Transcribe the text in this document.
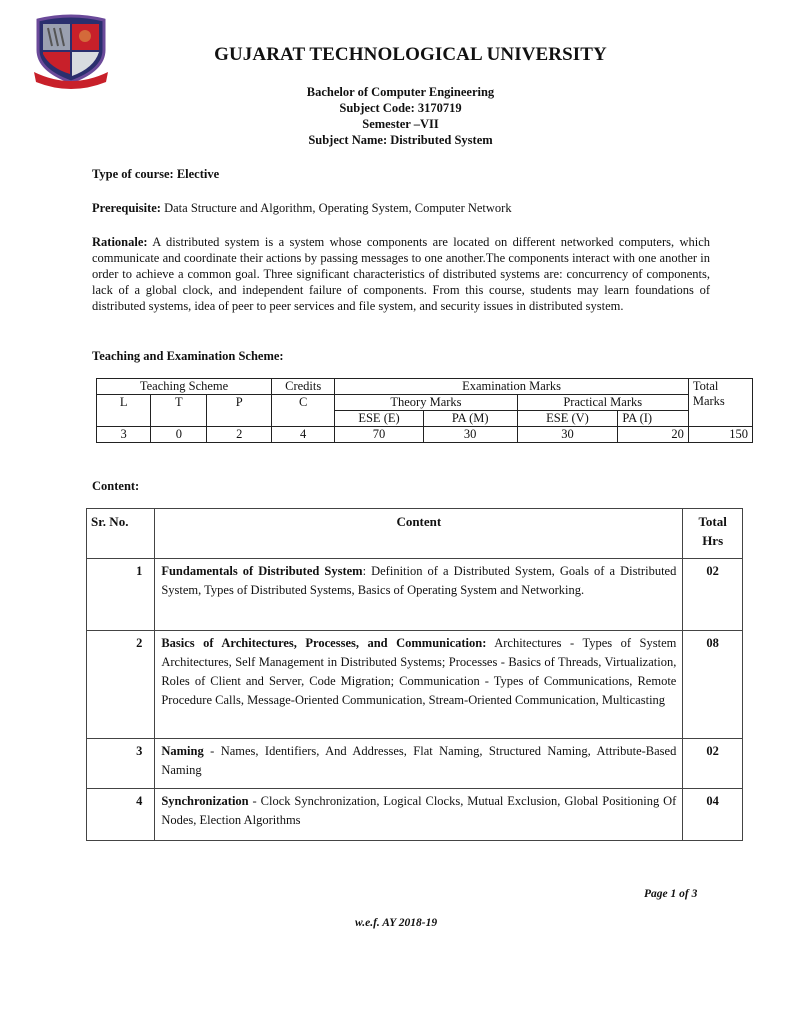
GUJARAT TECHNOLOGICAL UNIVERSITY
Bachelor of Computer Engineering
Subject Code: 3170719
Semester –VII
Subject Name: Distributed System
Type of course: Elective
Prerequisite: Data Structure and Algorithm, Operating System, Computer Network
Rationale: A distributed system is a system whose components are located on different networked computers, which communicate and coordinate their actions by passing messages to one another.The components interact with one another in order to achieve a common goal. Three significant characteristics of distributed systems are: concurrency of components, lack of a global clock, and independent failure of components. From this course, students may learn foundations of distributed systems, idea of peer to peer services and file system, and security issues in distributed system.
Teaching and Examination Scheme:
Teaching Scheme			Credits	Examination Marks				Total
Marks

L	T	P	C	Theory Marks		Practical Marks		
				ESE (E)	PA (M)	ESE (V)	PA (I)	
3	0	2	4	70	30	30	20	150
Content:
Sr. No.	Content	Total
Hrs

1	Fundamentals of Distributed System: Definition of a Distributed System, Goals of a Distributed System, Types of Distributed Systems, Basics of Operating System and Networking.	02
2	Basics of Architectures, Processes, and Communication: Architectures - Types of System Architectures, Self Management in Distributed Systems; Processes - Basics of Threads, Virtualization, Roles of Client and Server, Code Migration; Communication - Types of Communications, Remote Procedure Calls, Message-Oriented Communication, Stream-Oriented Communication, Multicasting	08
3	Naming - Names, Identifiers, And Addresses, Flat Naming, Structured Naming, Attribute-Based Naming	02
4	Synchronization - Clock Synchronization, Logical Clocks, Mutual Exclusion, Global Positioning Of Nodes, Election Algorithms	04
Page 1 of 3
w.e.f. AY 2018-19
